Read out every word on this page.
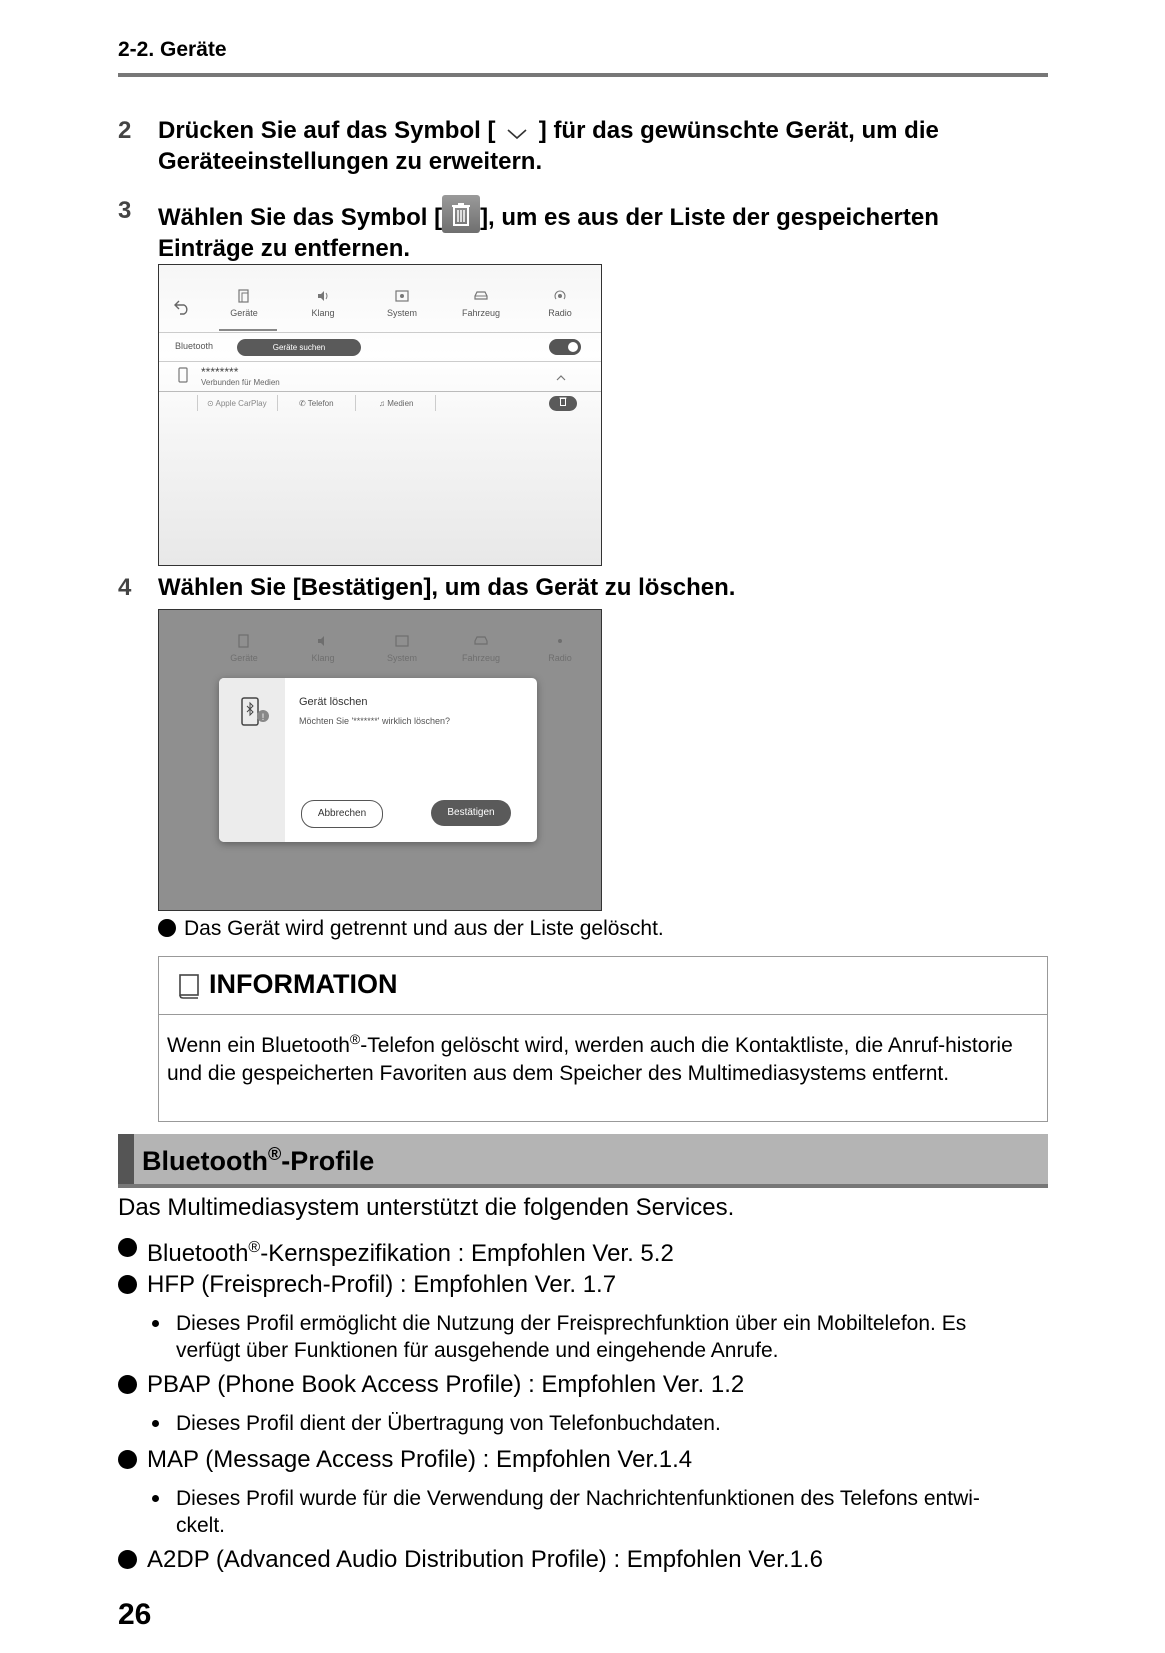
2-2. Geräte
2 Drücken Sie auf das Symbol [ ] für das gewünschte Gerät, um die Geräteeinstellungen zu erweitern.
3 Wählen Sie das Symbol [ ], um es aus der Liste der gespeicherten Einträge zu entfernen.
Geräte	Klang	System	Fahrzeug	Radio
Bluetooth	Geräte suchen
********
Verbunden für Medien
⊙ Apple CarPlay	✆ Telefon	♫ Medien
4 Wählen Sie [Bestätigen], um das Gerät zu löschen.
Geräte	Klang	System	Fahrzeug	Radio
!
Gerät löschen
Möchten Sie '*******' wirklich löschen?
Abbrechen	Bestätigen
Das Gerät wird getrennt und aus der Liste gelöscht.
INFORMATION
Wenn ein Bluetooth®-Telefon gelöscht wird, werden auch die Kontaktliste, die Anruf-historie und die gespeicherten Favoriten aus dem Speicher des Multimediasystems entfernt.
Bluetooth®-Profile
Das Multimediasystem unterstützt die folgenden Services.
Bluetooth®-Kernspezifikation : Empfohlen Ver. 5.2
HFP (Freisprech-Profil) : Empfohlen Ver. 1.7
Dieses Profil ermöglicht die Nutzung der Freisprechfunktion über ein Mobiltelefon. Es verfügt über Funktionen für ausgehende und eingehende Anrufe.
PBAP (Phone Book Access Profile) : Empfohlen Ver. 1.2
Dieses Profil dient der Übertragung von Telefonbuchdaten.
MAP (Message Access Profile) : Empfohlen Ver.1.4
Dieses Profil wurde für die Verwendung der Nachrichtenfunktionen des Telefons entwi-ckelt.
A2DP (Advanced Audio Distribution Profile) : Empfohlen Ver.1.6
26
